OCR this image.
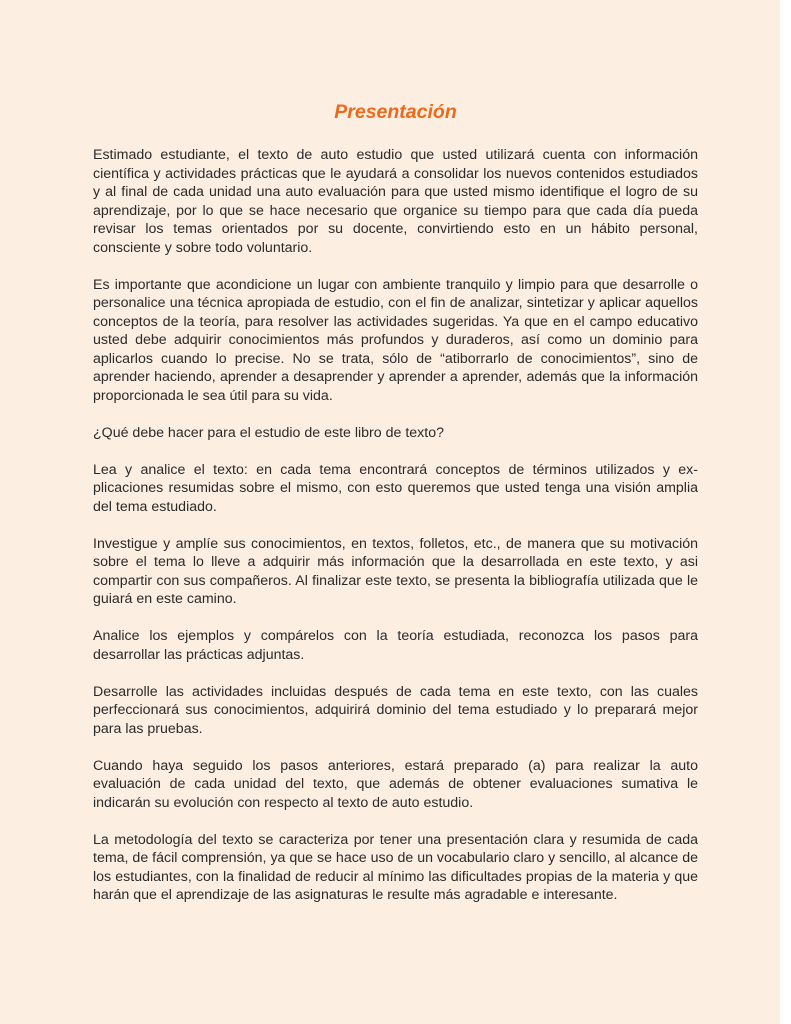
Presentación

Estimado estudiante, el texto de auto estudio que usted utilizará cuenta con información científica y actividades prácticas que le ayudará a consolidar los nuevos contenidos estudiados y al final de cada unidad una auto evaluación para que usted mismo identifique el logro de su aprendizaje, por lo que se hace necesario que organice su tiempo para que cada día pueda revisar los temas orientados por su docente, convirtiendo esto en un hábito personal, consciente y sobre todo voluntario.

Es importante que acondicione un lugar con ambiente tranquilo y limpio para que desarrolle o personalice una técnica apropiada de estudio, con el fin de analizar, sintetizar y aplicar aquellos conceptos de la teoría, para resolver las actividades sugeridas. Ya que en el campo educativo usted debe adquirir conocimientos más profundos y duraderos, así como un dominio para aplicarlos cuando lo precise. No se trata, sólo de “atiborrarlo de conocimientos”, sino de aprender haciendo, aprender a desaprender y aprender a aprender, además que la información proporcionada le sea útil para su vida.

¿Qué debe hacer para el estudio de este libro de texto?

Lea y analice el texto: en cada tema encontrará conceptos de términos utilizados y explicaciones resumidas sobre el mismo, con esto queremos que usted tenga una visión amplia del tema estudiado.

Investigue y amplíe sus conocimientos, en textos, folletos, etc., de manera que su motivación sobre el tema lo lleve a adquirir más información que la desarrollada en este texto, y asi compartir con sus compañeros. Al finalizar este texto, se presenta la bibliografía utilizada que le guiará en este camino.

Analice los ejemplos y compárelos con la teoría estudiada, reconozca los pasos para desarrollar las prácticas adjuntas.

Desarrolle las actividades incluidas después de cada tema en este texto, con las cuales perfeccionará sus conocimientos, adquirirá dominio del tema estudiado y lo preparará mejor para las pruebas.

Cuando haya seguido los pasos anteriores, estará preparado (a) para realizar la auto evaluación de cada unidad del texto, que además de obtener evaluaciones sumativa le indicarán su evolución con respecto al texto de auto estudio.

La metodología del texto se caracteriza por tener una presentación clara y resumida de cada tema, de fácil comprensión, ya que se hace uso de un vocabulario claro y sencillo, al alcance de los estudiantes, con la finalidad de reducir al mínimo las dificultades propias de la materia y que harán que el aprendizaje de las asignaturas le resulte más agradable e interesante.
